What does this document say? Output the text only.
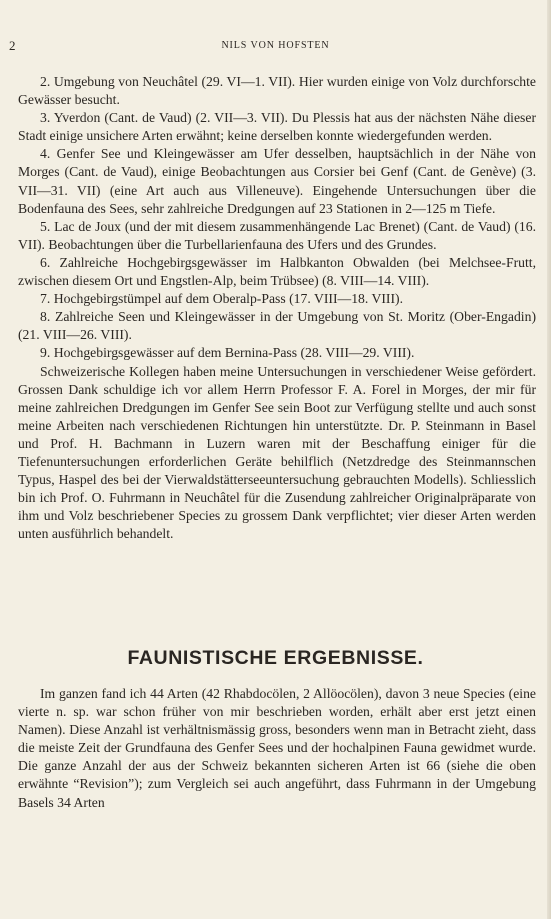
2	NILS VON HOFSTEN

2. Umgebung von Neuchâtel (29. VI—1. VII). Hier wurden einige von Volz durchforschte Gewässer besucht.

3. Yverdon (Cant. de Vaud) (2. VII—3. VII). Du Plessis hat aus der nächsten Nähe dieser Stadt einige unsichere Arten erwähnt; keine derselben konnte wiedergefunden werden.

4. Genfer See und Kleingewässer am Ufer desselben, hauptsächlich in der Nähe von Morges (Cant. de Vaud), einige Beobachtungen aus Corsier bei Genf (Cant. de Genève) (3. VII—31. VII) (eine Art auch aus Villeneuve). Eingehende Untersuchungen über die Bodenfauna des Sees, sehr zahlreiche Dredgungen auf 23 Stationen in 2—125 m Tiefe.

5. Lac de Joux (und der mit diesem zusammenhängende Lac Brenet) (Cant. de Vaud) (16. VII). Beobachtungen über die Turbellarienfauna des Ufers und des Grundes.

6. Zahlreiche Hochgebirgsgewässer im Halbkanton Obwalden (bei Melchsee-Frutt, zwischen diesem Ort und Engstlen-Alp, beim Trübsee) (8. VIII—14. VIII).

7. Hochgebirgstümpel auf dem Oberalp-Pass (17. VIII—18. VIII).

8. Zahlreiche Seen und Kleingewässer in der Umgebung von St. Moritz (Ober-Engadin) (21. VIII—26. VIII).

9. Hochgebirgsgewässer auf dem Bernina-Pass (28. VIII—29. VIII).

Schweizerische Kollegen haben meine Untersuchungen in verschiedener Weise gefördert. Grossen Dank schuldige ich vor allem Herrn Professor F. A. Forel in Morges, der mir für meine zahlreichen Dredgungen im Genfer See sein Boot zur Verfügung stellte und auch sonst meine Arbeiten nach verschiedenen Richtungen hin unterstützte. Dr. P. Steinmann in Basel und Prof. H. Bachmann in Luzern waren mit der Beschaffung einiger für die Tiefenuntersuchungen erforderlichen Geräte behilflich (Netzdredge des Steinmannschen Typus, Haspel des bei der Vierwaldstätterseeuntersuchung gebrauchten Modells). Schliesslich bin ich Prof. O. Fuhrmann in Neuchâtel für die Zusendung zahlreicher Originalpräparate von ihm und Volz beschriebener Species zu grossem Dank verpflichtet; vier dieser Arten werden unten ausführlich behandelt.

FAUNISTISCHE ERGEBNISSE.

Im ganzen fand ich 44 Arten (42 Rhabdocölen, 2 Allöocölen), davon 3 neue Species (eine vierte n. sp. war schon früher von mir beschrieben worden, erhält aber erst jetzt einen Namen). Diese Anzahl ist verhältnismässig gross, besonders wenn man in Betracht zieht, dass die meiste Zeit der Grundfauna des Genfer Sees und der hochalpinen Fauna gewidmet wurde. Die ganze Anzahl der aus der Schweiz bekannten sicheren Arten ist 66 (siehe die oben erwähnte “Revision”); zum Vergleich sei auch angeführt, dass Fuhrmann in der Umgebung Basels 34 Arten
